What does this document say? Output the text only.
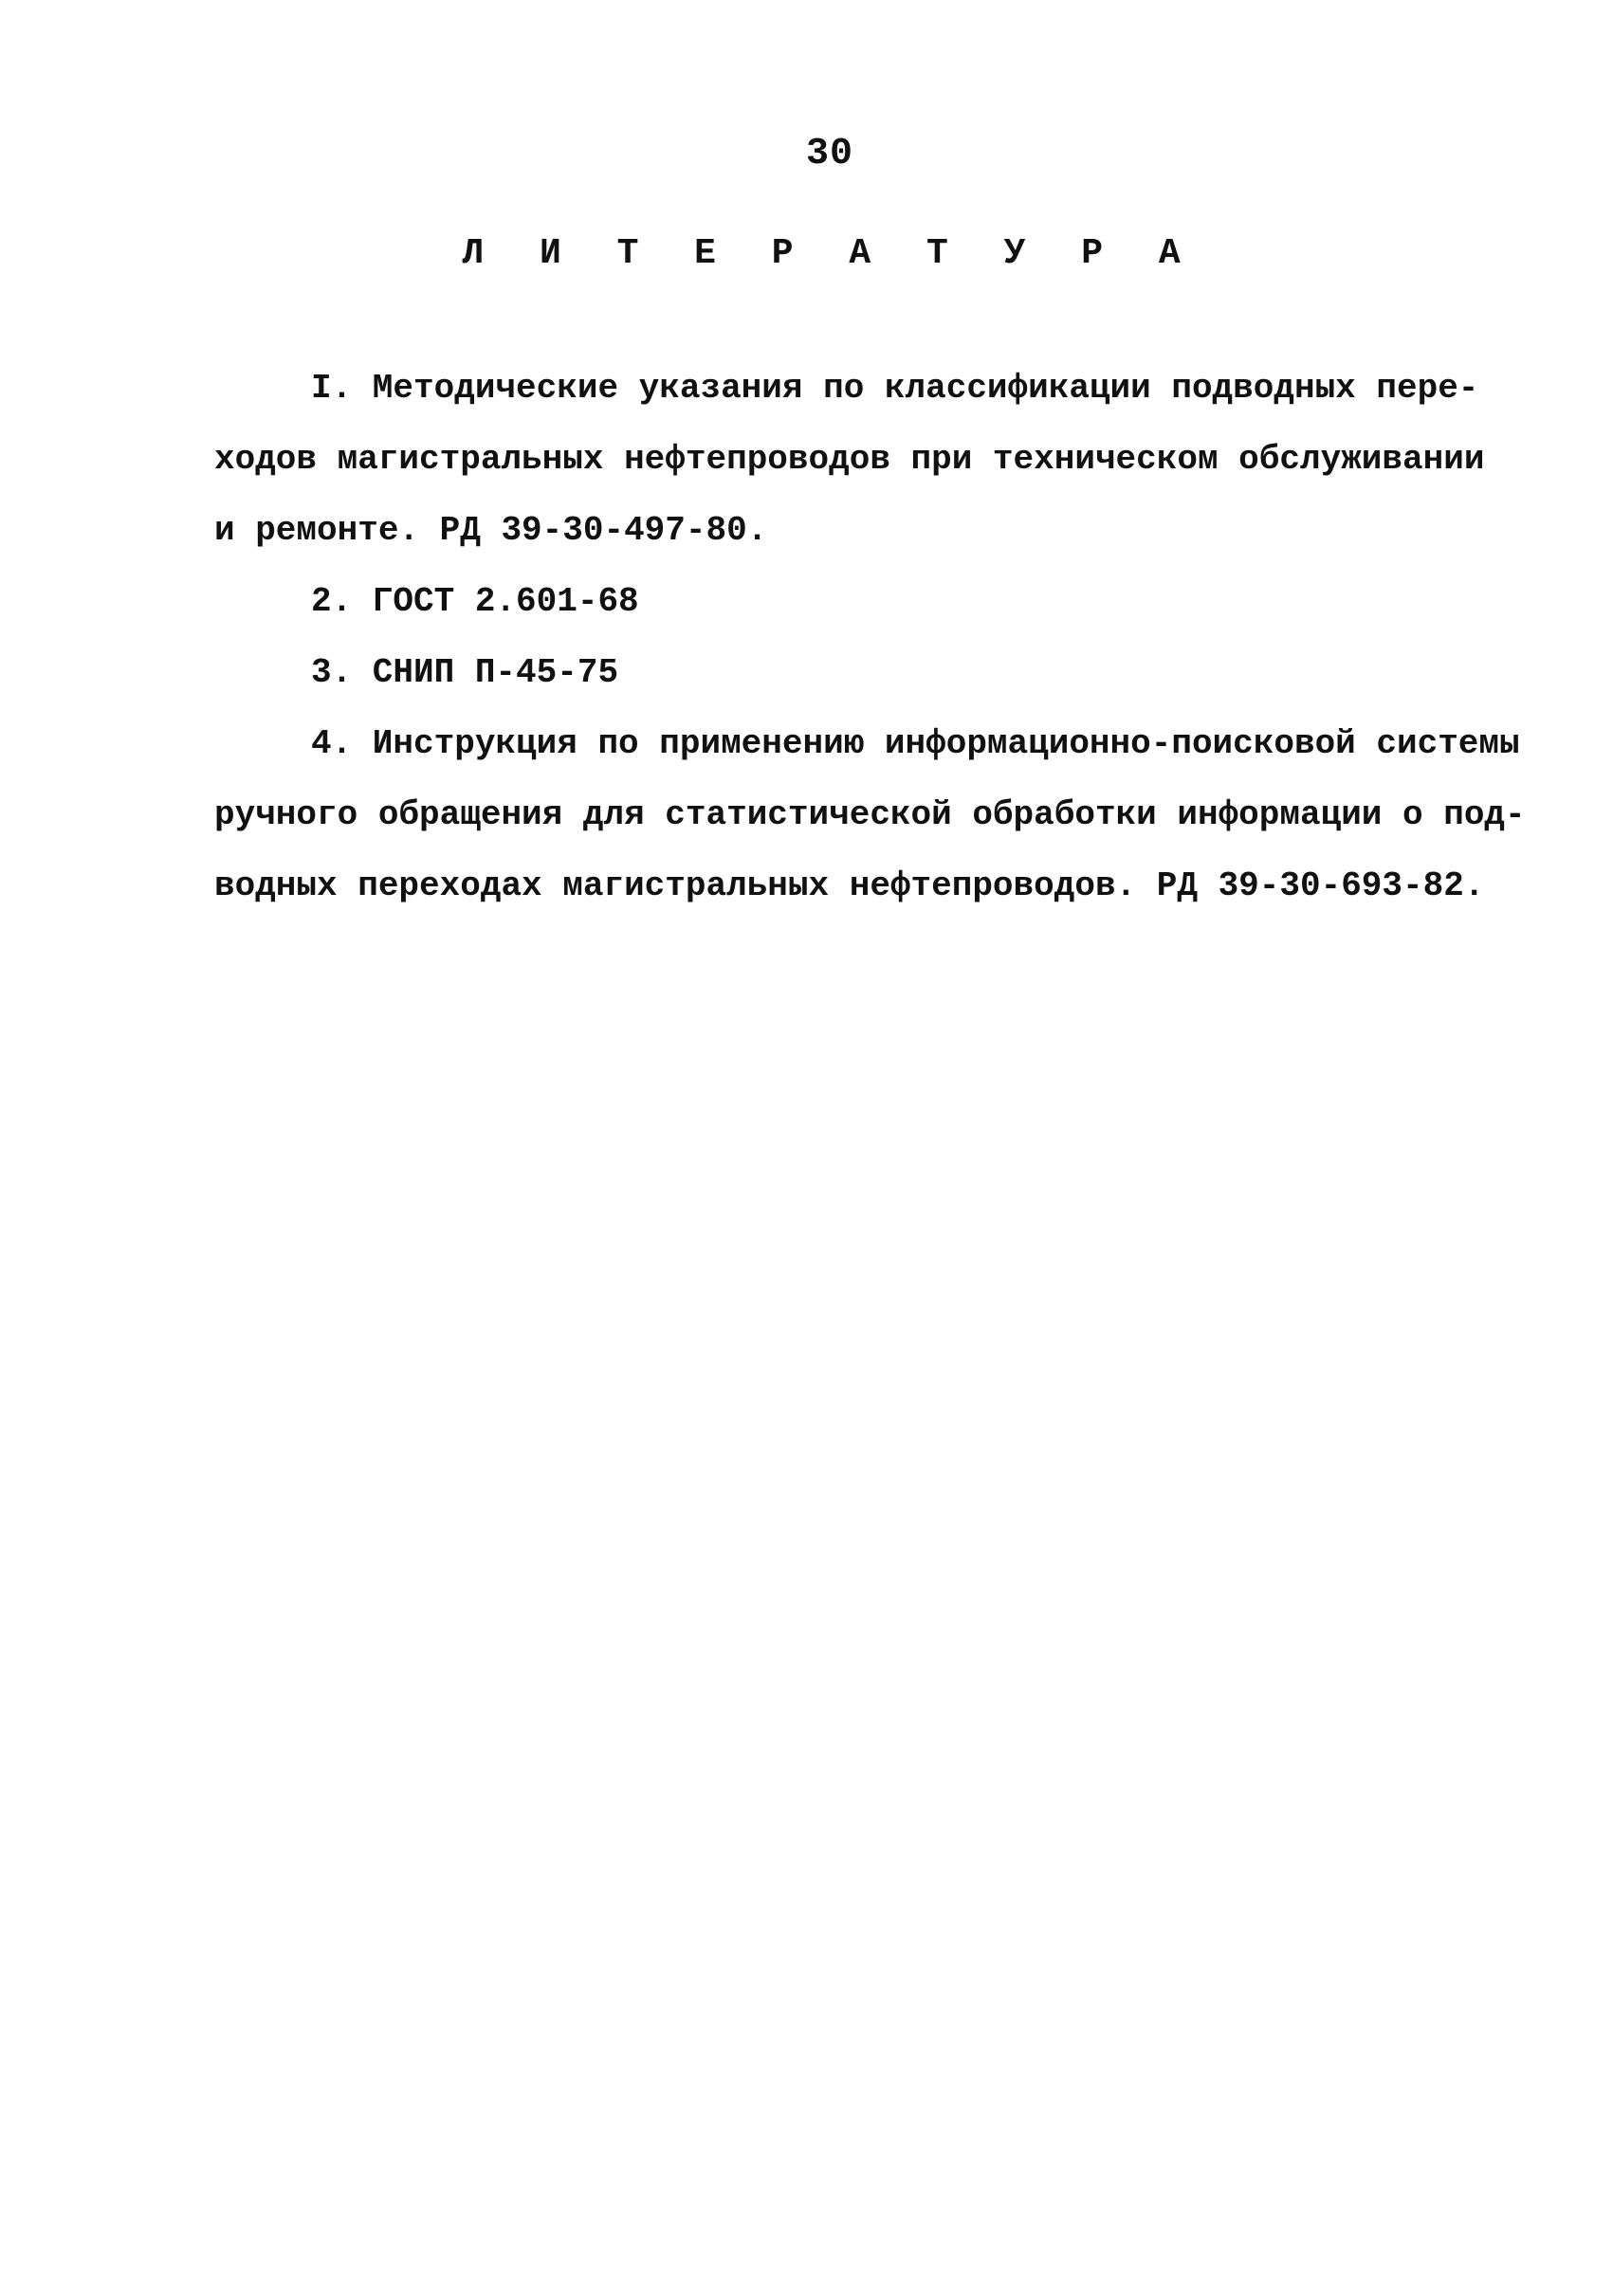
30
Л И Т Е Р А Т У Р А
I. Методические указания по классификации подводных пере-
ходов магистральных нефтепроводов при техническом обслуживании
и ремонте. РД 39-30-497-80.
2. ГОСТ 2.601-68
3. СНИП П-45-75
4. Инструкция по применению информационно-поисковой системы
ручного обращения для статистической обработки информации о под-
водных переходах магистральных нефтепроводов. РД 39-30-693-82.
